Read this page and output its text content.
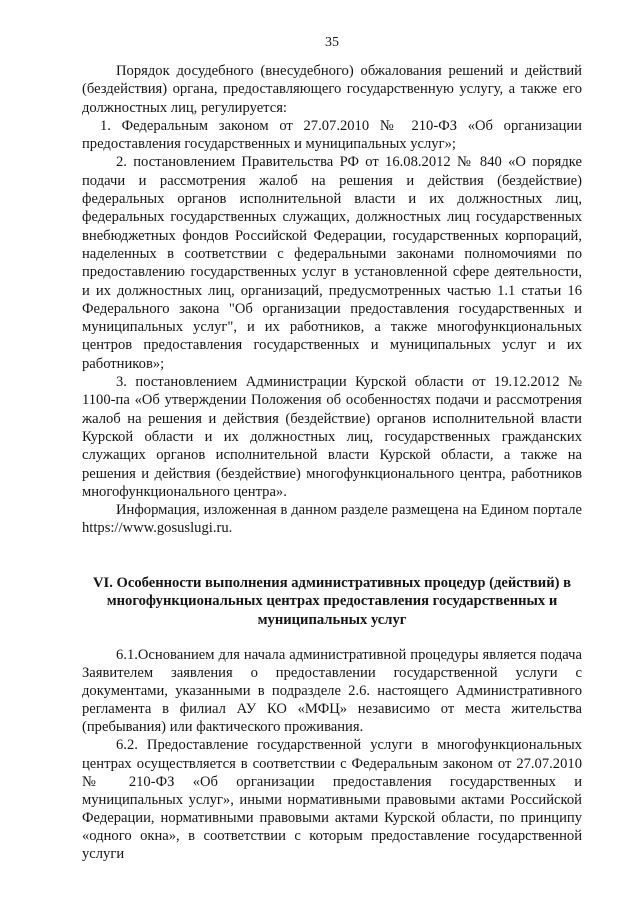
35

Порядок досудебного (внесудебного) обжалования решений и действий (бездействия) органа, предоставляющего государственную услугу, а также его должностных лиц, регулируется:

1. Федеральным законом от 27.07.2010 № 210-ФЗ «Об организации предоставления государственных и муниципальных услуг»;

2. постановлением Правительства РФ от 16.08.2012 № 840 «О порядке подачи и рассмотрения жалоб на решения и действия (бездействие) федеральных органов исполнительной власти и их должностных лиц, федеральных государственных служащих, должностных лиц государственных внебюджетных фондов Российской Федерации, государственных корпораций, наделенных в соответствии с федеральными законами полномочиями по предоставлению государственных услуг в установленной сфере деятельности, и их должностных лиц, организаций, предусмотренных частью 1.1 статьи 16 Федерального закона "Об организации предоставления государственных и муниципальных услуг", и их работников, а также многофункциональных центров предоставления государственных и муниципальных услуг и их работников»;

3. постановлением Администрации Курской области от 19.12.2012 № 1100-па «Об утверждении Положения об особенностях подачи и рассмотрения жалоб на решения и действия (бездействие) органов исполнительной власти Курской области и их должностных лиц, государственных гражданских служащих органов исполнительной власти Курской области, а также на решения и действия (бездействие) многофункционального центра, работников многофункционального центра».

Информация, изложенная в данном разделе размещена на Едином портале https://www.gosuslugi.ru.

VI. Особенности выполнения административных процедур (действий) в многофункциональных центрах предоставления государственных и муниципальных услуг

6.1.Основанием для начала административной процедуры является подача Заявителем заявления о предоставлении государственной услуги с документами, указанными в подразделе 2.6. настоящего Административного регламента в филиал АУ КО «МФЦ» независимо от места жительства (пребывания) или фактического проживания.

6.2. Предоставление государственной услуги в многофункциональных центрах осуществляется в соответствии с Федеральным законом от 27.07.2010 № 210-ФЗ «Об организации предоставления государственных и муниципальных услуг», иными нормативными правовыми актами Российской Федерации, нормативными правовыми актами Курской области, по принципу «одного окна», в соответствии с которым предоставление государственной услуги
